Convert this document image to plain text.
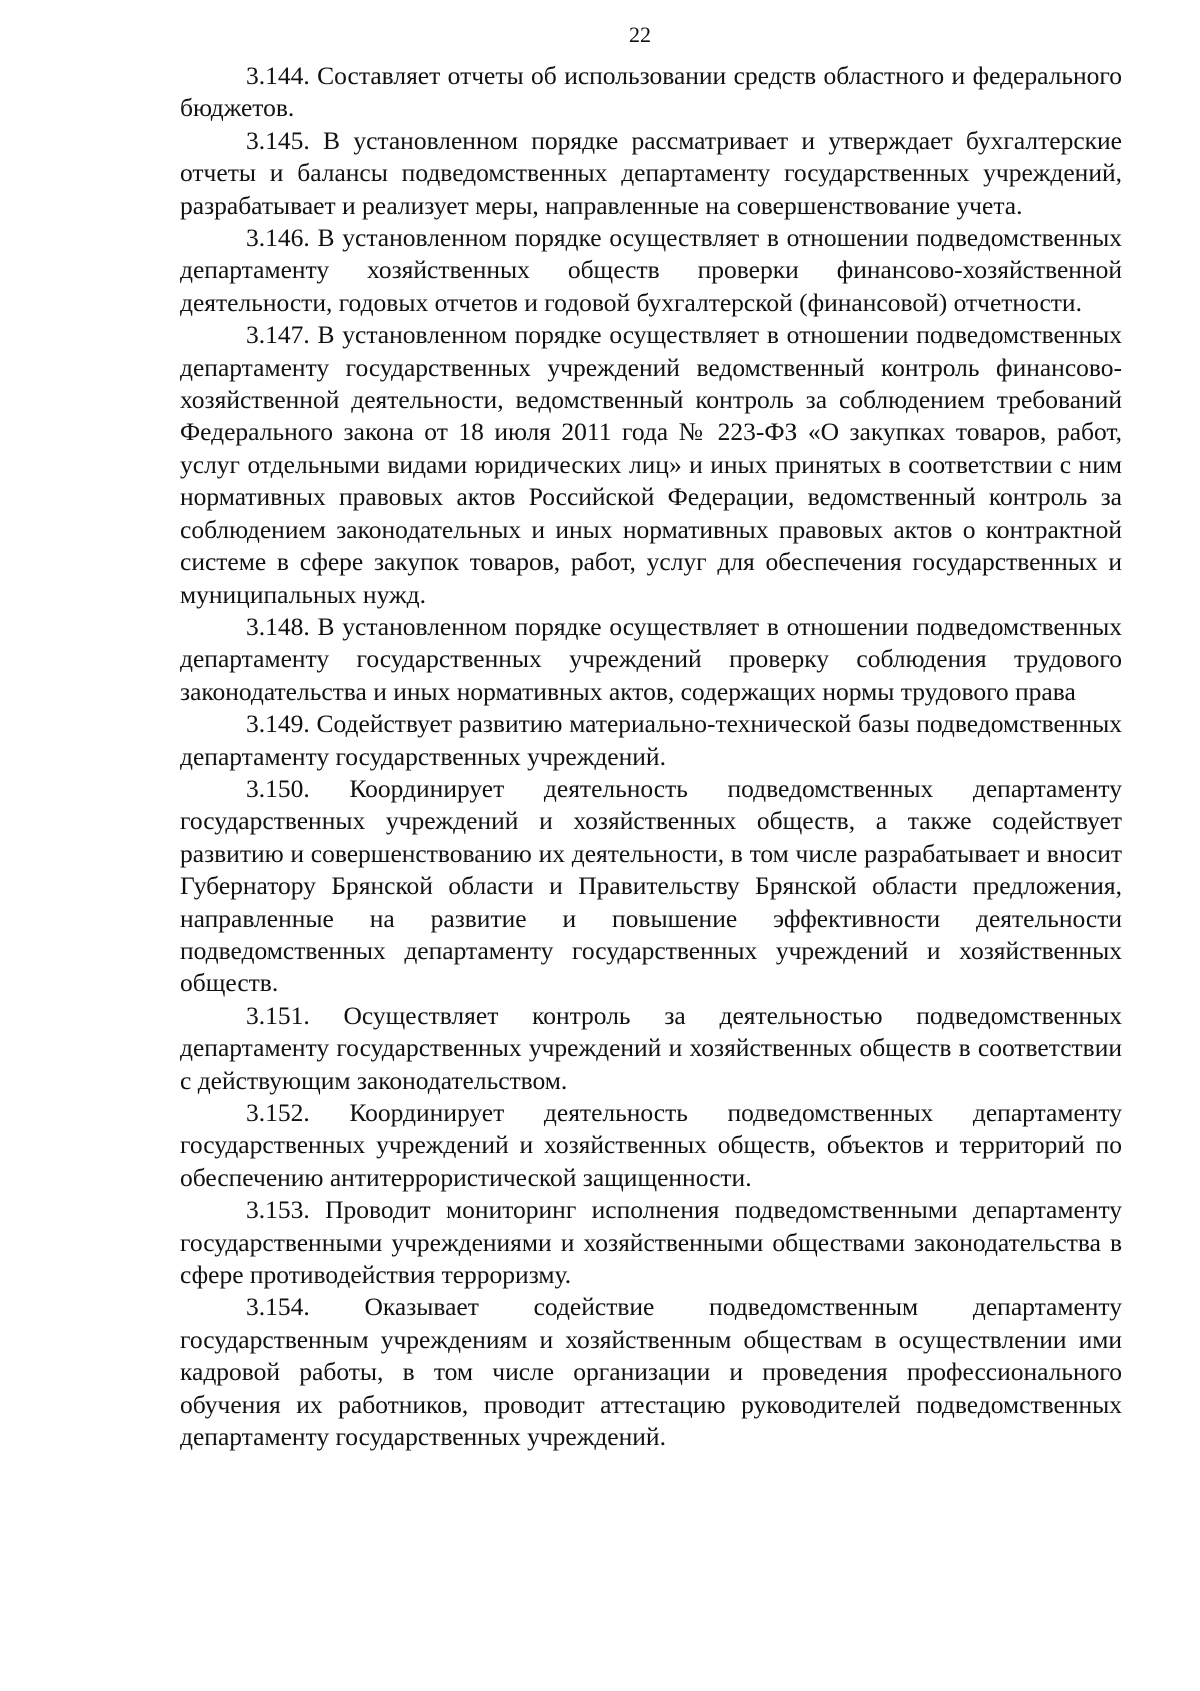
22

3.144. Составляет отчеты об использовании средств областного и федерального бюджетов.

3.145. В установленном порядке рассматривает и утверждает бухгалтерские отчеты и балансы подведомственных департаменту государственных учреждений, разрабатывает и реализует меры, направленные на совершенствование учета.

3.146. В установленном порядке осуществляет в отношении подведомственных департаменту хозяйственных обществ проверки финансово-хозяйственной деятельности, годовых отчетов и годовой бухгалтерской (финансовой) отчетности.

3.147. В установленном порядке осуществляет в отношении подведомственных департаменту государственных учреждений ведомственный контроль финансово-хозяйственной деятельности, ведомственный контроль за соблюдением требований Федерального закона от 18 июля 2011 года № 223-ФЗ «О закупках товаров, работ, услуг отдельными видами юридических лиц» и иных принятых в соответствии с ним нормативных правовых актов Российской Федерации, ведомственный контроль за соблюдением законодательных и иных нормативных правовых актов о контрактной системе в сфере закупок товаров, работ, услуг для обеспечения государственных и муниципальных нужд.

3.148. В установленном порядке осуществляет в отношении подведомственных департаменту государственных учреждений проверку соблюдения трудового законодательства и иных нормативных актов, содержащих нормы трудового права

3.149. Содействует развитию материально-технической базы подведомственных департаменту государственных учреждений.

3.150. Координирует деятельность подведомственных департаменту государственных учреждений и хозяйственных обществ, а также содействует развитию и совершенствованию их деятельности, в том числе разрабатывает и вносит Губернатору Брянской области и Правительству Брянской области предложения, направленные на развитие и повышение эффективности деятельности подведомственных департаменту государственных учреждений и хозяйственных обществ.

3.151. Осуществляет контроль за деятельностью подведомственных департаменту государственных учреждений и хозяйственных обществ в соответствии с действующим законодательством.

3.152. Координирует деятельность подведомственных департаменту государственных учреждений и хозяйственных обществ, объектов и территорий по обеспечению антитеррористической защищенности.

3.153. Проводит мониторинг исполнения подведомственными департаменту государственными учреждениями и хозяйственными обществами законодательства в сфере противодействия терроризму.

3.154. Оказывает содействие подведомственным департаменту государственным учреждениям и хозяйственным обществам в осуществлении ими кадровой работы, в том числе организации и проведения профессионального обучения их работников, проводит аттестацию руководителей подведомственных департаменту государственных учреждений.
